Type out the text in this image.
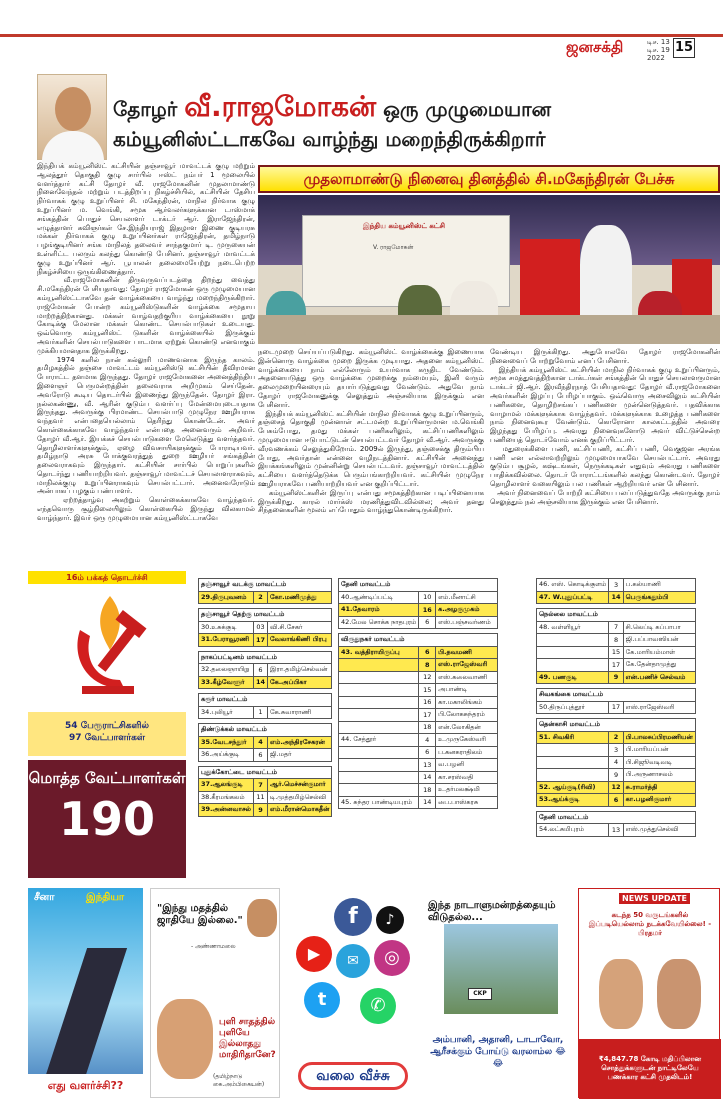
ஜனசக்தி	டிச. 13
டிச. 19
2022
15
தோழர் வீ.ராஜமோகன் ஒரு முழுமையான கம்யூனிஸ்ட்டாகவே வாழ்ந்து மறைந்திருக்கிறார்
முதலாமாண்டு நினைவு தினத்தில் சி.மகேந்திரன் பேச்சு
இந்தியக் கம்யூனிஸ்ட் கட்சியின் தஞ்சாவூர் மாவட்டக் குழு மற்றும் ஆலத்தூர் தொகுதி குழு சார்பில் ஈஸ்ட் நம்பர் 1 மூலையில் வளர்த்தார் கட்சி தோழர் வீ. ராஜமோகனின் முதலாமாண்டு நினைவேந்தல் மற்றும் படத்திறப்பு நிகழ்ச்சியில், கட்சியின் தேசிய நிர்வாகக் குழு உறுப்பினர் சி. மகேந்திரன், மாநில நிர்வாக குழு உறுப்பினர் ம. வெங்கி, சமூக ஆர்வலர்களுக்கான டாஸ்மாக் சங்கத்தின் பொதுச் செயலாளர் டாக்டர் ஆர். இராஜேந்திரன், எழுத்தாளர் கவிஞர்கள் சே.இந்தியராஜ் இதழாள இணை குடியரசு மக்கள் நிர்வாகக் குழு உறுப்பினர்கள் ராஜேந்திரன், தமிழ்நாடு பழங்குடியினர் சங்க மாநிலத் தலைவர் சாந்தகுமார் டி. முருகையன் உள்ளிட்ட பலரும் கலந்து கொண்டு பேசினர். தஞ்சாவூர் மாவட்டக் குழு உறுப்பினர் ஆர். பூபாலன் தலைமையேற்று நடைபெற்ற நிகழ்ச்சியை ஒருங்கிணைத்தார்.
வீ.ராஜமோகனின் திருவுருவப்படத்தை திறந்து வைத்து சி.மகேந்திரன் பேசியதாவது: தோழர் ராஜமோகன் ஒரு முழுமையான கம்யூனிஸ்ட்டாகவே தன் வாழ்க்கையை வாழ்ந்து மறைந்திருக்கிறார். ராஜ்மோகன் போன்ற கம்யூனிஸ்டுகளின் வாழ்க்கை சமூதாய மாற்றத்திற்கானது. மக்கள் வாழ்வதற்குரிய வாழ்க்கையை நூறு கோடிக்கு மேலான மக்கள் கொண்ட செயல்பாடுகள் உடையது. ஒவ்வொரு கம்யூனிஸ்ட் டுகளின் வாழ்க்கையில் இருக்கும் அவர்களின் செயல்பாடுகளை பாடமாக ஏற்றுக் கொண்டு எனவாகும் முக்கியமானதாக இருக்கிறது.
1974 களில் நான் கல்லூரி மாணவனாக இருந்த காலம். தமிழகத்தில் தஞ்சை மாவட்டம் கம்யூனிஸ்டு கட்சியின் தீவிரமான போராட்ட தளமாக இருந்தது. தோழர் ராஜமோகனை அனைத்திந்திய இளைஞர் பெருமன்றத்தின் தலைவராக அறிமுகம் செய்தேன். அவரோடு கூடிய தொடர்பில் இணைந்து இருந்தேன். தோழர் இரா. நல்லகண்ணு, வீ. ஆரின் குடும்ப வளர்ப்பு மேன்மையுடையதாக இருந்தது. அவருக்கு பிரமாண்ட செயல்பாடு முழுநேர ஊழியராக வந்தவர் என்பதையெல்லாம் தெரிந்து கொண்டேன். அவர் கொள்கைக்காகவே வாழ்ந்தவர் என்பதை அனைவரும் அறிவர். தோழர் வீ.ஆர். இயக்கச் செயல்பாடுகளை மேலெடுத்து வளர்த்தவர். தொழிலாளர்களுக்கும், ஏழை விவசாயிகளுக்கும் போராடியவர். தமிழ்நாடு அரசு போக்குவரத்துத் துறை ஊழியர் சங்கத்தின் தலைவராகவும் இருந்தார். கட்சியின் சார்பில் பொறுப்புகளில் தொடர்ந்து பணியாற்றியவர். தஞ்சாவூர் மாவட்டச் செயலாளராகவும், மாநிலக்குழு உறுப்பினராகவும் செயல்பட்டார். அனைவரோடும் அன்பாகப் பழகும் பண்பாளர்.
ஏற்றத்தாழ்வு அகற்றும் கொள்கைக்காகவே வாழ்ந்தவர். எந்தவொரு சூழ்நிலையிலும் கொள்கையில் இருந்து விலகாமல் வாழ்ந்தார். இவர் ஒரு முழுமையான கம்யூனிஸ்ட்டாகவே
இந்திய கம்யூனிஸ்ட் கட்சி
V. ராஜமோகன்
நடைமுறை செய்யப்படுகிறது. கம்யூனிஸ்ட் வாழ்க்கைக்கு இணையாக இன்னொரு வாழ்க்கை முறை இருக்க முடியாது. அதனை கம்யூனிஸ்ட் வாழ்க்கையை நாம் எல்லோரும் உயர்வாக கருதிட வேண்டும். அதனையடுத்து ஒரு வாழ்க்கை முறைக்கு நம்மையும், இனி வரும் தலைமுறையினரையும் தயார்படுத்துவது வேண்டும். அதுவே நாம் தோழர் ராஜமோகனுக்கு செலுத்தும் அஞ்சலியாக இருக்கும் என பேசினார்.
இந்தியக் கம்யூனிஸ்ட் கட்சியின் மாநில நிர்வாகக் குழு உறுப்பினரும், தஞ்சைத் தொகுதி முன்னாள் சட்டமன்ற உறுப்பினருமான ம.வெங்கி பேசும்போது, தமது மக்கள் பணிகளிலும், கட்சிப்பணிகளிலும் முழுமையான ஈடுபாட்டுடன் செயல்பட்டவர் தோழர் வீ.ஆர். அவருக்கு வீரவணக்கம் செலுத்துகிறோம். 2009ல் இருந்து, தஞ்சைக்கு திரும்பிய போது, அவர்தான் என்னை வழிநடத்தினார். கட்சியின் அனைத்து இயக்கங்களிலும் முன்னின்று செயல்பட்டவர். தஞ்சாவூர் மாவட்டத்தில் கட்சியை வளர்த்தெடுக்க பெரும்பங்காற்றியவர். கட்சியின் முழுநேர ஊழியராகவே பணியாற்றியவர் என குறிப்பிட்டார்.
கம்யூனிஸ்ட்களின் இருப்பு என்பது சமூகத்திற்கான படிப்பினையாக இருக்கிறது. காரல் மார்க்ஸ் மரணித்துவிடவில்லை; அவர் தனது சிந்தனைகளின் மூலம் எப்போதும் வாழ்ந்துகொண்டிருக்கிறார்.
வேண்டிய இருக்கிறது. அதுபோலவே தோழர் ராஜமோகனின் நினைவைப் போற்றுவோம் எனப் பேசினார்.
இந்தியக் கம்யூனிஸ்ட் கட்சியின் மாநில நிர்வாகக் குழு உறுப்பினரும், சமூக சமத்துவத்திற்கான டாக்டர்கள் சங்கத்தின் பொதுச் செயலாளருமான டாக்டர் ஜி.ஆர். இரவீந்திரநாத் பேசியதாவது: தோழர் வீ.ராஜமோகனை அவர்களின் இழப்பு பேரிழப்பாகும். ஒவ்வொரு அசைவிலும் கட்சியின் பணிகளை, தொழிற்சங்கப் பணிகளை முன்னெடுத்தவர். பதவிக்காக வாழாமல் மக்களுக்காக வாழ்ந்தவர். மக்களுக்காக உழைத்த பணிகளை நாம் நினைவுகூர வேண்டும். கொரோனா காலகட்டத்தில் அவரை இழந்தது பேரிழப்பு. அவரது நினைவுகளோடு அவர் விட்டுச்சென்ற பணியைத் தொடர்வோம் எனக் குறிப்பிட்டார்.
மதுரைக்கிளை பணி, கட்சிப்பணி, கட்சிப் பணி, வெகுஜன அரங்க பணி என எல்லாவற்றிலும் முழுமையாகவே செயல்பட்டார். அவரது குடும்ப சூழல், கஷ்டங்கள், நெருக்கடிகள் எதுவும் அவரது பணிகளை பாதிக்கவில்லை. தொடர் போராட்டங்களில் கலந்து கொண்டவர். தோழர் தொழிலாளர் வகையிலும் பல பணிகள் ஆற்றியவர் என பேசினார்.
அவர் நினைவைப் போற்றி கட்சியை பலப்படுத்துவதே அவருக்கு நாம் செலுத்தும் நல் அஞ்சலியாக இருக்கும் என பேசினார்.
16ம் பக்கத் தொடர்ச்சி
54 பேரூராட்சிகளில்
97 வேட்பாளர்கள்
மொத்த வேட்பாளர்கள்
190
தஞ்சாவூர் வடக்கு மாவட்டம்		
29.திருபுவனம்	2	கோ.மணிமுத்து

தஞ்சாவூர் தெற்கு மாவட்டம்		
30.உசுக்குடி	03	வி.சி.சேகர்
31.பேராவூரணி	17	வேலாங்கிணி பிரபு

நாகப்பட்டினம் மாவட்டம்		
32.தலைஞாயிறு	6	இரா.தமிழ்செல்வன்
33.கீழ்வேளூர்	14	கே.அப்பிகா

கரூர் மாவட்டம்		
34.புலியூர்	1	கே.சுவாராணி

திண்டுக்கல் மாவட்டம்		
35.வேடசந்தூர்	4	எம்.அந்திரசேகரன்
36.அய்க்குடி	6	ஜி.மதர்

புதுக்கோட்டை மாவட்டம்		
37.ஆலங்குடி	7	ஆர்.மெச்சன்குமார்
38.கீரமங்கலம்	11	டி.முத்தமிழ்செல்வி
39.அன்னவாசல்	9	எம்.மீரான்மொகதீன்
தேனி மாவட்டம்		
40.ஆண்டிப்பட்டி	10	எம்.மீனாட்சி
41.தேவாரம்	16	க.அழகுமுகம்
42.மேல சொக்க நாதபுரம்	6	எஸ்.பஞ்சவர்ணம்

விருதுநகர் மாவட்டம்		
43. வத்திராயிருப்பு	6	பி.தவமணி
	8	எஸ்.ராஜேஸ்வரி
	12	எஸ்.கலைவாணி
	15	அபாண்டி
	16	கா.மகாலிங்கம்
	17	பி.லோகசுந்தரம்
	18	என்.லோகிதன்
44. சேத்தூர்	4	உ.முருகேஸ்வரி
	6	ப.கனகராதிலம்
	13	வ.பழனி
	14	கா.சரஸ்வதி
	18	உ.தர்மலக்ஷ்மி
45. சுந்தர பாண்டியபுரம்	14	பை.பாஸ்கரசு
46. எஸ். கொடிக்குளம்	3	ப.கல்யாணி
47. W.புதுப்பட்டி	14	பெருங்கதும்பி

நெல்லை மாவட்டம்		
48. வள்ளியூர்	7	சி.லெப்டி கப்பாபா
	8	ஜி.பப்பாவஸியன்
	15	கே.மாரியம்மாள்
	17	கே.தேன்தாமுத்து
49. பணகுடி	9	என்.பணிச் செல்வம்

சிவகங்கை மாவட்டம்		
50.திருப்புத்தூர்	17	எஸ்.ராஜேஸ்வரி

தென்காசி மாவட்டம்		
51. சிவகிரி	2	பி.பாலசுப்பிரமணியன்
	3	பி.மாரியப்பன்
	4	பி.சிஜூவடிவடி
	9	பி.அருணாசலம்
52. ஆய்குடி(ரிவி)	12	சு.ராமர்த்தி
53.ஆய்க்குடி	6	கா.பழனிகுமார்

தேனி மாவட்டம்		
54.லட்சுமிபுரம்	13	எஸ்.முத்துசெல்வி
சீனா	இந்தியா
எது வளர்ச்சி??
"இந்து மதத்தில் ஜாதியே இல்லை."
- அண்ணாமலை
புளி சாதத்தில் புளியே இல்லாதது மாதிரிதானே?
(தமிழ்நாடு கை.அம்பிகையன்)
f	♪
▶	◎
✉
t	✆
வலை வீச்சு
இந்த நாடாளுமன்றத்தையும் விடுதல்ல...
CKP
அம்பானி, அதானி, டாடாவோ, ஆரீசக்கும் போய்டு வரலாம்ல 😂😂
NEWS UPDATE
கடந்த 50 வருடங்களில் இப்படியெல்லாம் நடக்கவேயில்லை! - பிரதமர்
₹4,847.78 கோடி மதிப்பிலான சொத்துக்களுடன் நாட்டிலேயே பணக்கார கட்சி முதலிடம்!
